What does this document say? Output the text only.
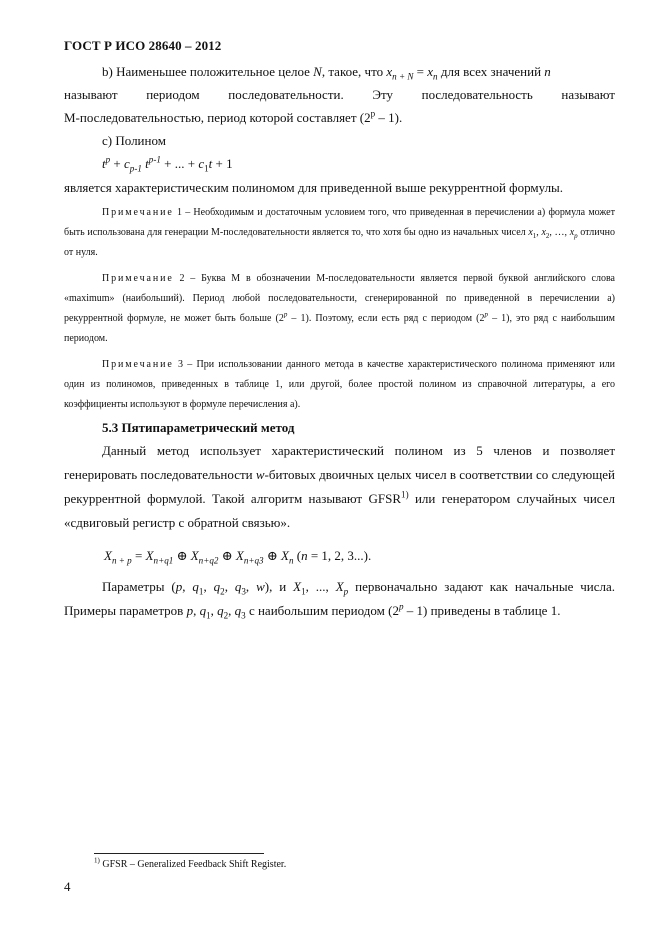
ГОСТ Р ИСО 28640 – 2012

b) Наименьшее положительное целое N, такое, что $x_{n + N} = x_n$ для всех значений n

называют периодом последовательности. Эту последовательность называют

М-последовательностью, период которой составляет (2$^p$ – 1).

c) Полином

$t^p + c_{p-1}$ $t^{p-1}$ + ... + $c_1t + 1$

является характеристическим полиномом для приведенной выше рекуррентной формулы.

Примечание 1 – Необходимым и достаточным условием того, что приведенная в перечислении a) формула может быть использована для генерации М-последовательности является то, что хотя бы одно из начальных чисел $x_1$, $x_2$, …, $x_p$ отлично от нуля.

Примечание 2 – Буква М в обозначении М-последовательности является первой буквой английского слова «maximum» (наибольший). Период любой последовательности, сгенерированной по приведенной в перечислении a) рекуррентной формуле, не может быть больше (2$^p$ – 1). Поэтому, если есть ряд с периодом (2$^p$ – 1), это ряд с наибольшим периодом.

Примечание 3 – При использовании данного метода в качестве характеристического полинома применяют или один из полиномов, приведенных в таблице 1, или другой, более простой полином из справочной литературы, а его коэффициенты используют в формуле перечисления a).

5.3 Пятипараметрический метод

Данный метод использует характеристический полином из 5 членов и позволяет генерировать последовательности w-битовых двоичных целых чисел в соответствии со следующей рекуррентной формулой. Такой алгоритм называют GFSR$^{1)}$ или генератором случайных чисел «сдвиговый регистр с обратной связью».

$X_{n + p} = X_{n+q1}$ ⊕ $X_{n+q2}$ ⊕ $X_{n+q3}$ ⊕ $X_n$ (n = 1, 2, 3...).

Параметры (p, $q_1$, $q_2$, $q_3$, w), и $X_1$, ..., $X_p$ первоначально задают как начальные числа. Примеры параметров p, $q_1$, $q_2$, $q_3$ с наибольшим периодом (2$^p$ – 1) приведены в таблице 1.

$^{1)}$ GFSR – Generalized Feedback Shift Register.
4
